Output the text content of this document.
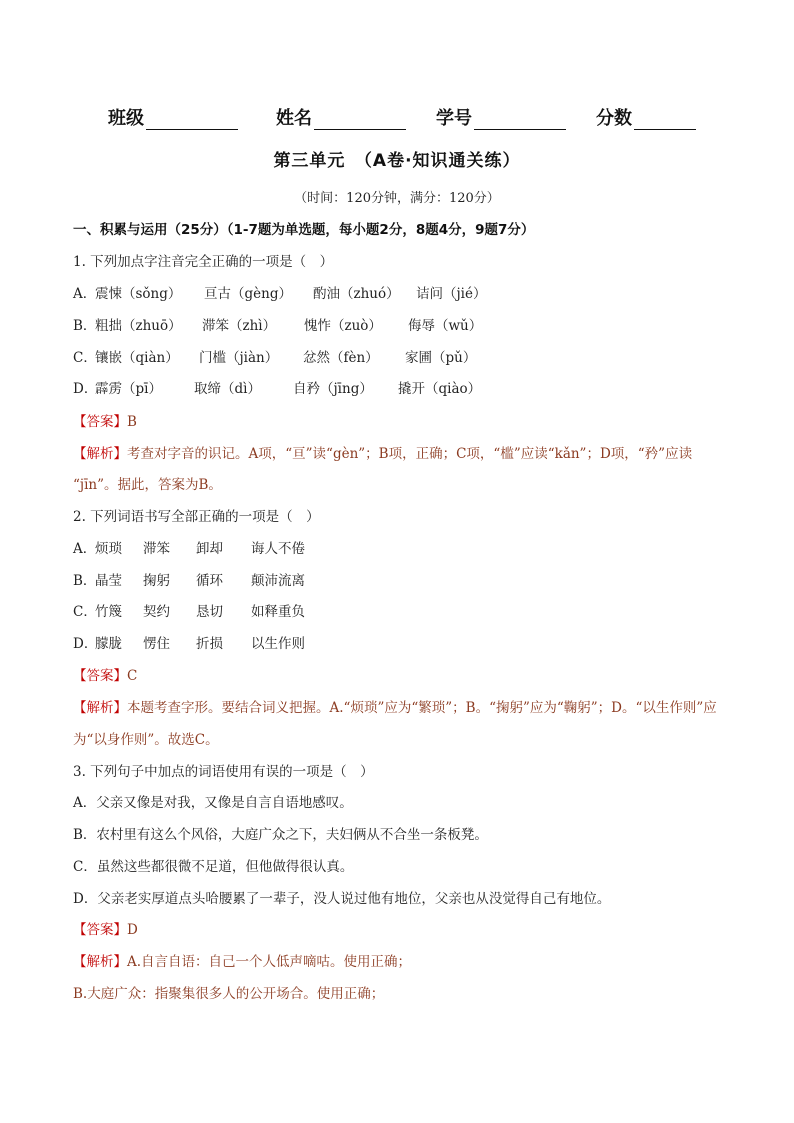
班级	姓名	学号	分数
第三单元　（A卷·知识通关练）
（时间：120分钟，满分：120分）
一、积累与运用（25分）（1-7题为单选题，每小题2分，8题4分，9题7分）
1. 下列加点字注音完全正确的一项是（　）
A．
震悚（sǒng） 亘古（gèng） 酌油（zhuó） 诘问（jié）
B．
粗拙（zhuō） 滞笨（zhì） 愧怍（zuò） 侮辱（wǔ）
C．
镶嵌（qiàn） 门槛（jiàn） 忿然（fèn） 家圃（pǔ）
D．
霹雳（pī） 取缔（dì） 自矜（jīng） 撬开（qiào）
【答案】B
【解析】考查对字音的识记。A项，“亘”读“gèn”；B项，正确；C项，“槛”应读“kǎn”；D项，“矜”应读
“jīn”。据此，答案为B。
2. 下列词语书写全部正确的一项是（　）
A．
烦琐 滞笨 卸却 诲人不倦
B．
晶莹 掬躬 循环 颠沛流离
C．
竹篾 契约 恳切 如释重负
D．
朦胧 愣住 折损 以生作则
【答案】C
【解析】本题考查字形。要结合词义把握。A.“烦琐”应为“繁琐”；B。“掬躬”应为“鞠躬”；D。“以生作则”应
为“以身作则”。故选C。
3. 下列句子中加点的词语使用有误的一项是（　）
A．父亲又像是对我，又像是自言自语地感叹。
B．农村里有这么个风俗，大庭广众之下，夫妇俩从不合坐一条板凳。
C．虽然这些都很微不足道，但他做得很认真。
D．父亲老实厚道点头哈腰累了一辈子，没人说过他有地位，父亲也从没觉得自己有地位。
【答案】D
【解析】A.自言自语：自己一个人低声嘀咕。使用正确；
B.大庭广众：指聚集很多人的公开场合。使用正确；
